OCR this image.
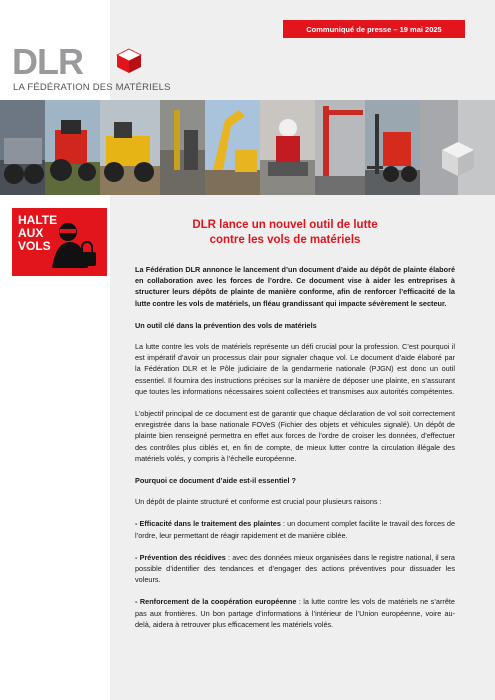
Communiqué de presse – 19 mai 2025
DLR
LA FÉDÉRATION DES MATÉRIELS
HALTE
AUX
VOLS
DLR lance un nouvel outil de lutte
contre les vols de matériels

La Fédération DLR annonce le lancement d’un document d’aide au dépôt de plainte élaboré en collaboration avec les forces de l’ordre. Ce document vise à aider les entreprises à structurer leurs dépôts de plainte de manière conforme, afin de renforcer l’efficacité de la lutte contre les vols de matériels, un fléau grandissant qui impacte sévèrement le secteur.

Un outil clé dans la prévention des vols de matériels

La lutte contre les vols de matériels représente un défi crucial pour la profession. C’est pourquoi il est impératif d’avoir un processus clair pour signaler chaque vol. Le document d’aide élaboré par la Fédération DLR et le Pôle judiciaire de la gendarmerie nationale (PJGN) est donc un outil essentiel. Il fournira des instructions précises sur la manière de déposer une plainte, en s’assurant que toutes les informations nécessaires soient collectées et transmises aux autorités compétentes.

L’objectif principal de ce document est de garantir que chaque déclaration de vol soit correctement enregistrée dans la base nationale FOVeS (Fichier des objets et véhicules signalé). Un dépôt de plainte bien renseigné permettra en effet aux forces de l’ordre de croiser les données, d’effectuer des contrôles plus ciblés et, en fin de compte, de mieux lutter contre la circulation illégale des matériels volés, y compris à l’échelle européenne.

Pourquoi ce document d’aide est-il essentiel ?

Un dépôt de plainte structuré et conforme est crucial pour plusieurs raisons :

- Efficacité dans le traitement des plaintes : un document complet facilite le travail des forces de l’ordre, leur permettant de réagir rapidement et de manière ciblée.

- Prévention des récidives : avec des données mieux organisées dans le registre national, il sera possible d’identifier des tendances et d’engager des actions préventives pour dissuader les voleurs.

- Renforcement de la coopération européenne : la lutte contre les vols de matériels ne s’arrête pas aux frontières. Un bon partage d’informations à l’intérieur de l’Union européenne, voire au-delà, aidera à retrouver plus efficacement les matériels volés.
